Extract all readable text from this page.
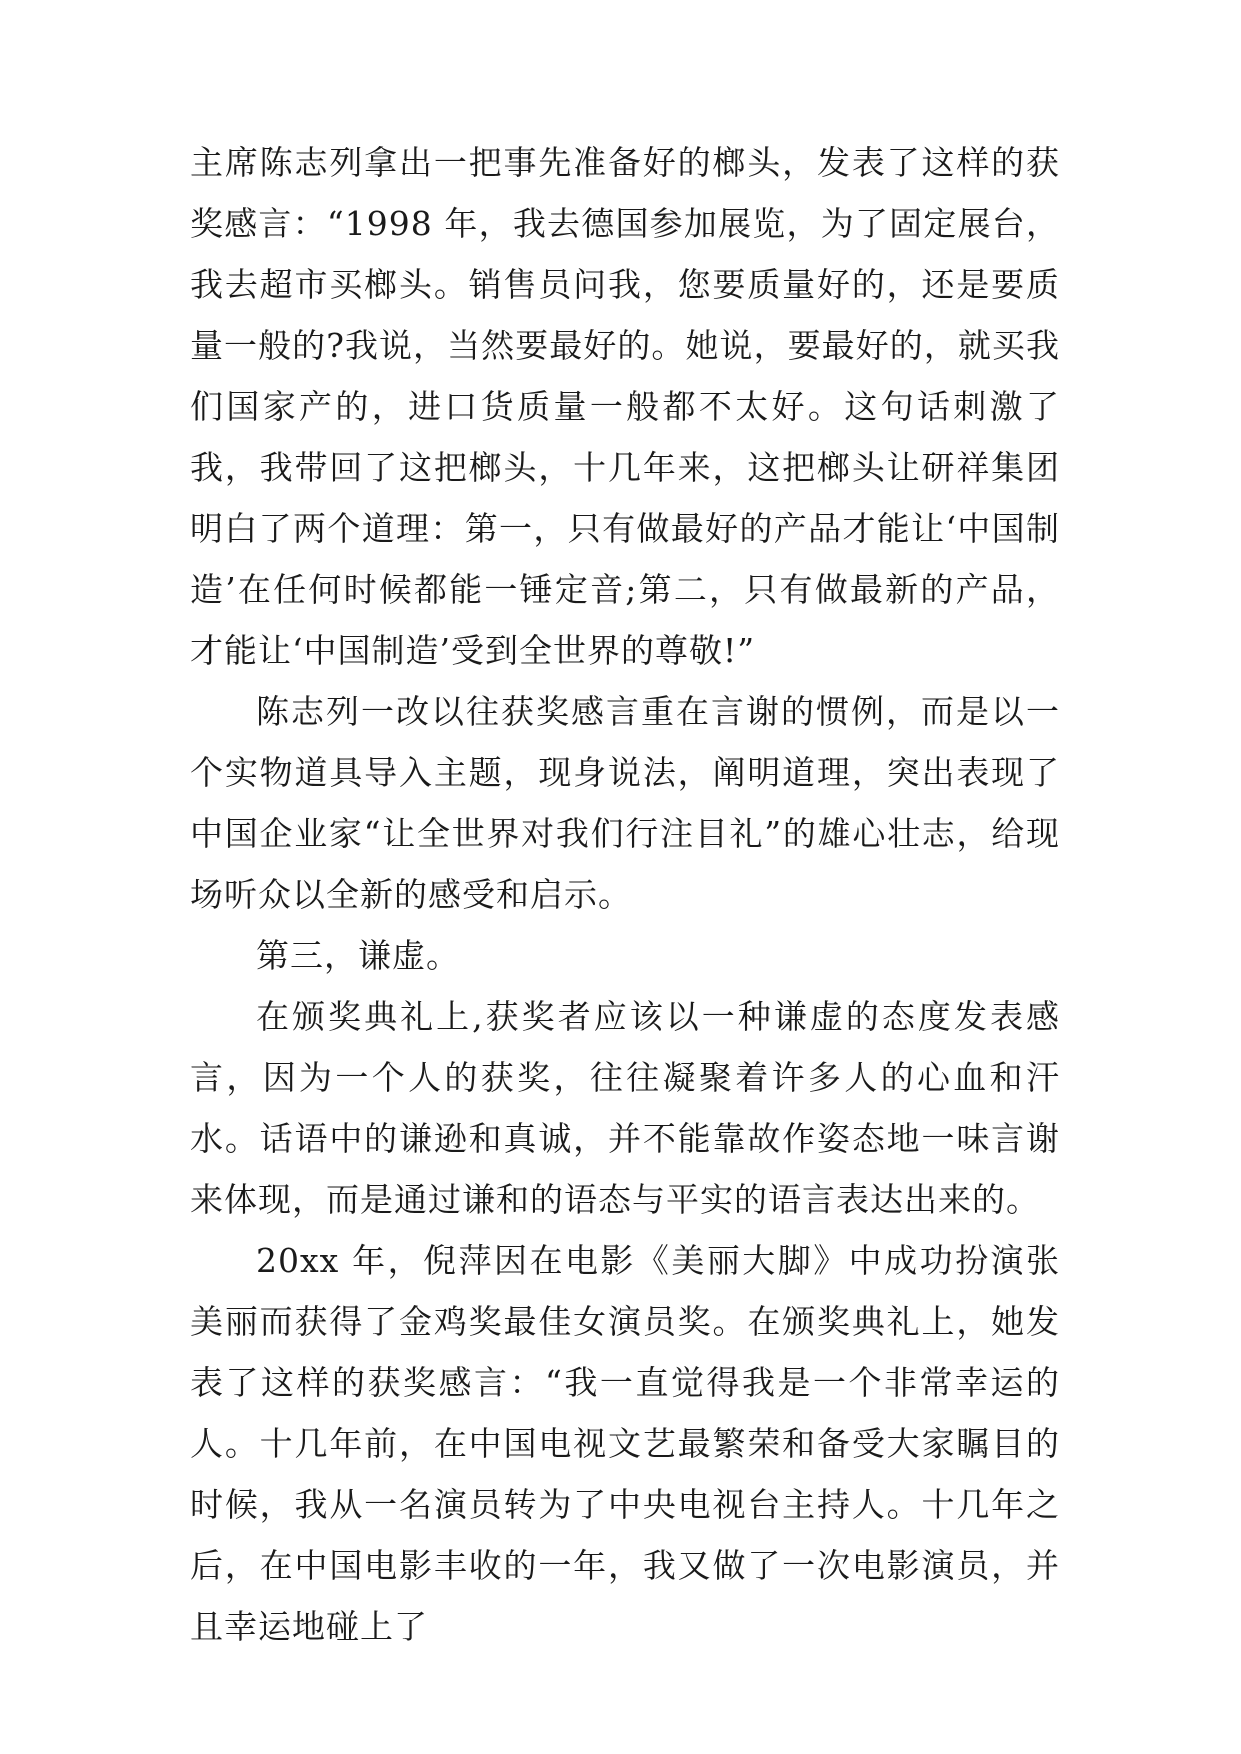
主席陈志列拿出一把事先准备好的榔头，发表了这样的获奖感言：“1998 年，我去德国参加展览，为了固定展台，我去超市买榔头。销售员问我，您要质量好的，还是要质量一般的?我说，当然要最好的。她说，要最好的，就买我们国家产的，进口货质量一般都不太好。这句话刺激了我，我带回了这把榔头，十几年来，这把榔头让研祥集团明白了两个道理：第一，只有做最好的产品才能让‘中国制造’在任何时候都能一锤定音;第二，只有做最新的产品，才能让‘中国制造’受到全世界的尊敬!”

陈志列一改以往获奖感言重在言谢的惯例，而是以一个实物道具导入主题，现身说法，阐明道理，突出表现了中国企业家“让全世界对我们行注目礼”的雄心壮志，给现场听众以全新的感受和启示。

第三，谦虚。

在颁奖典礼上,获奖者应该以一种谦虚的态度发表感言，因为一个人的获奖，往往凝聚着许多人的心血和汗水。话语中的谦逊和真诚，并不能靠故作姿态地一味言谢来体现，而是通过谦和的语态与平实的语言表达出来的。

20xx 年，倪萍因在电影《美丽大脚》中成功扮演张美丽而获得了金鸡奖最佳女演员奖。在颁奖典礼上，她发表了这样的获奖感言：“我一直觉得我是一个非常幸运的人。十几年前，在中国电视文艺最繁荣和备受大家瞩目的时候，我从一名演员转为了中央电视台主持人。十几年之后，在中国电影丰收的一年，我又做了一次电影演员，并且幸运地碰上了
